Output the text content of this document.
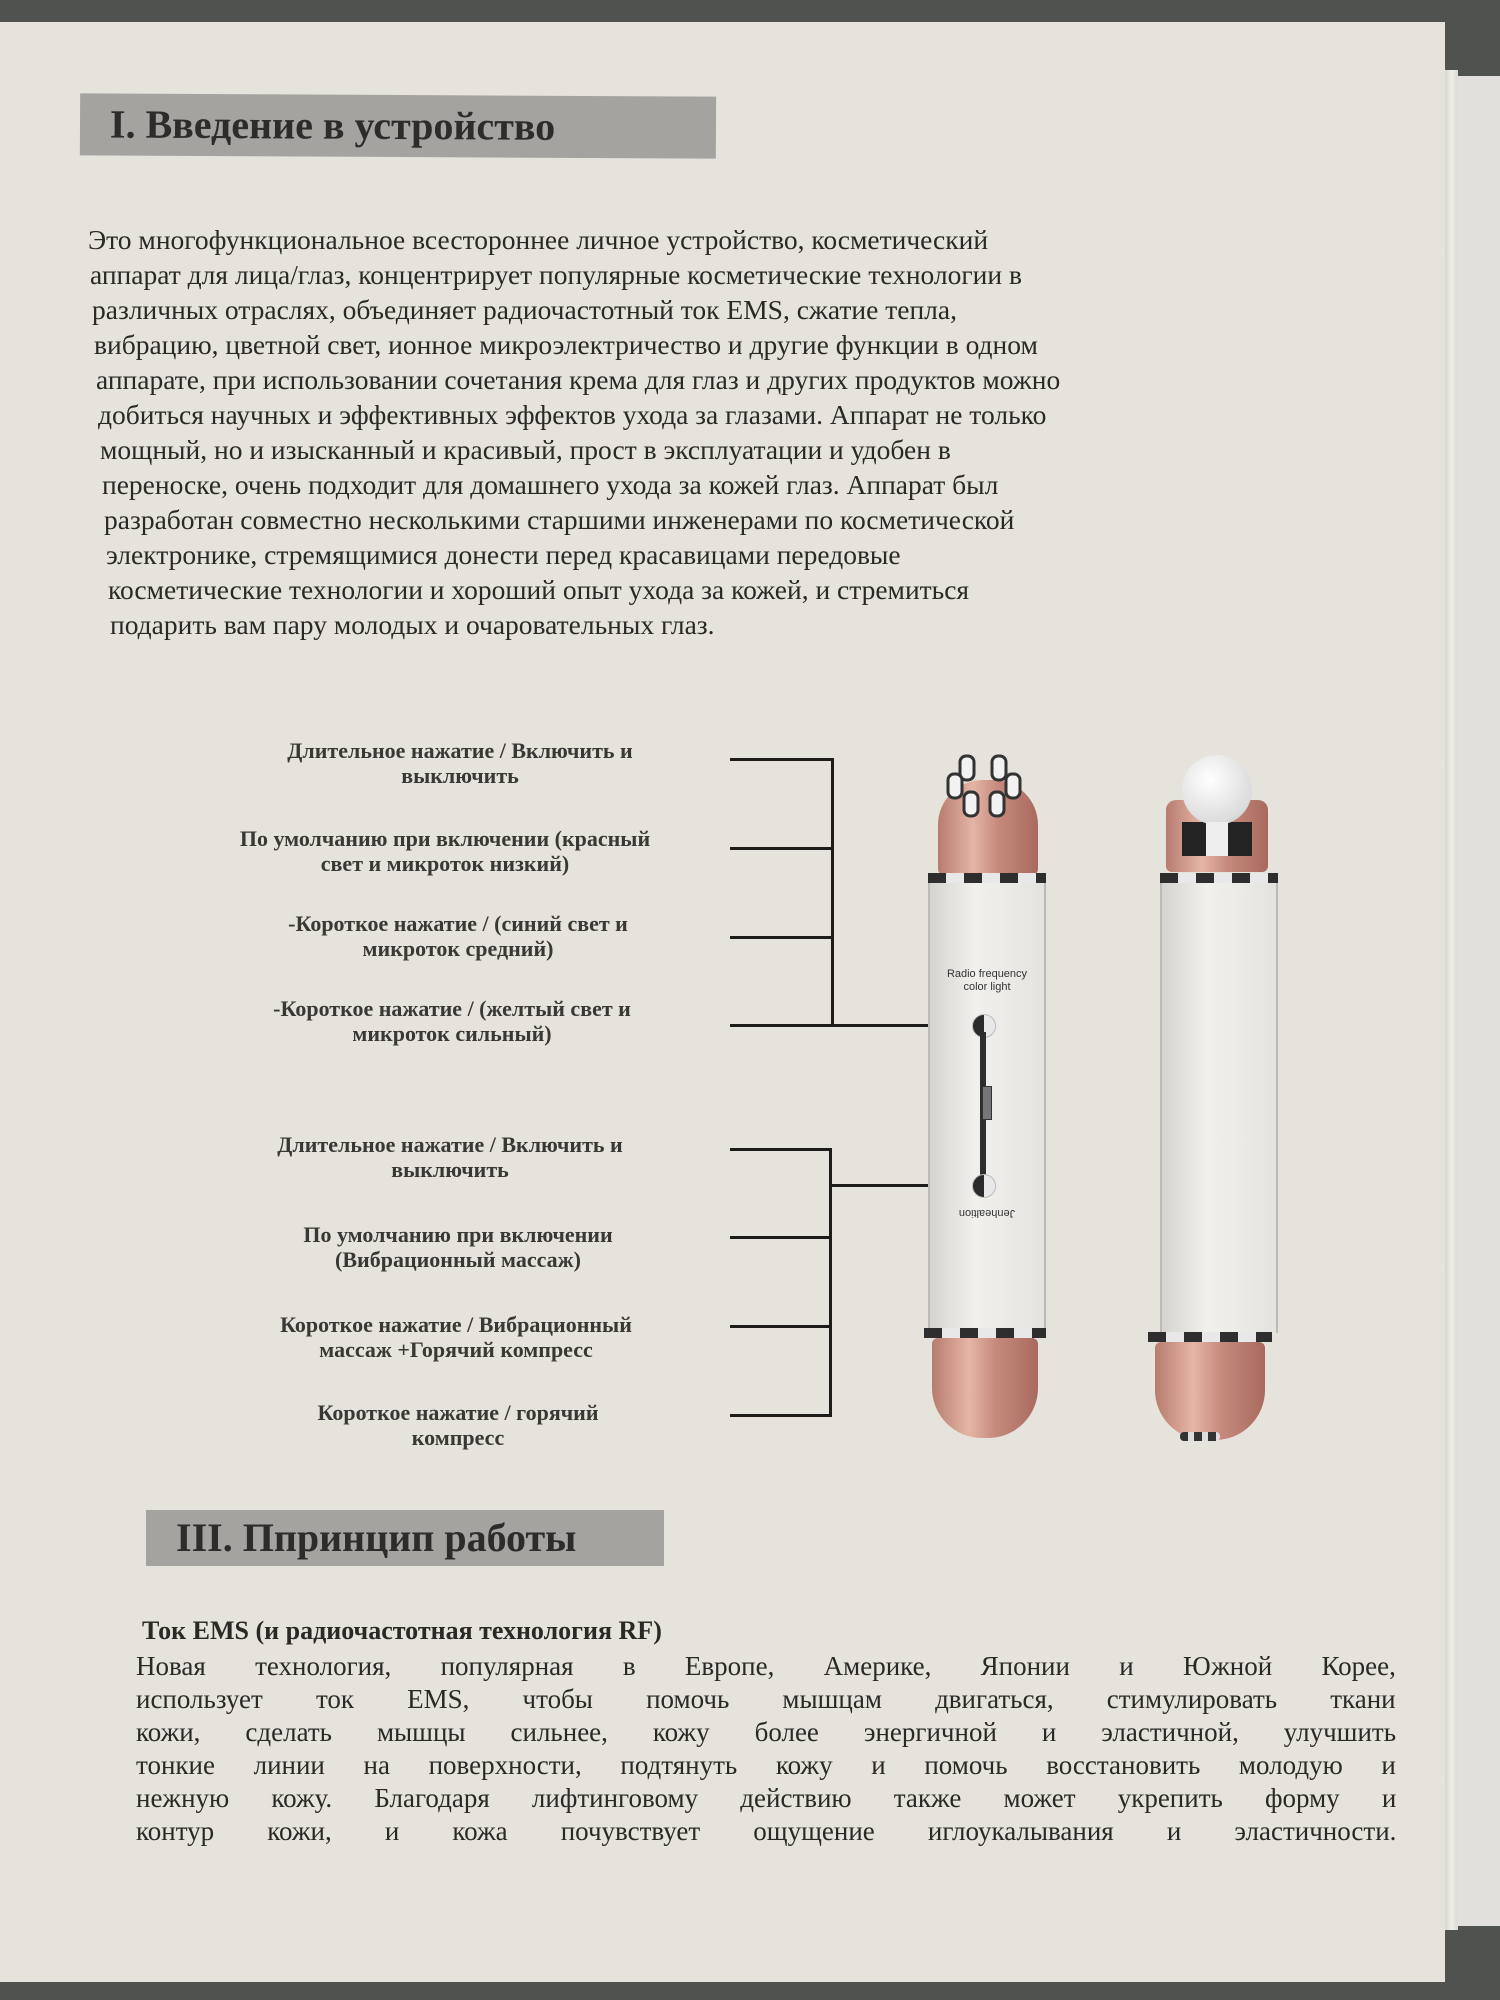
I. Введение в устройство
Это многофункциональное всестороннее личное устройство, косметический
аппарат для лица/глаз, концентрирует популярные косметические технологии в
различных отраслях, объединяет радиочастотный ток EMS, сжатие тепла,
вибрацию, цветной свет, ионное микроэлектричество и другие функции в одном
аппарате, при использовании сочетания крема для глаз и других продуктов можно
добиться научных и эффективных эффектов ухода за глазами. Аппарат не только
мощный, но и изысканный и красивый, прост в эксплуатации и удобен в
переноске, очень подходит для домашнего ухода за кожей глаз. Аппарат был
разработан совместно несколькими старшими инженерами по косметической
электронике, стремящимися донести перед красавицами передовые
косметические технологии и хороший опыт ухода за кожей, и стремиться
подарить вам пару молодых и очаровательных глаз.
Длительное нажатие / Включить и
выключить
По умолчанию при включении (красный
свет и микроток низкий)
-Короткое нажатие / (синий свет и
микроток средний)
-Короткое нажатие / (желтый свет и
микроток сильный)
Длительное нажатие / Включить и
выключить
По умолчанию при включении
(Вибрационный массаж)
Короткое нажатие / Вибрационный
массаж +Горячий компресс
Короткое нажатие / горячий
компресс
Radio frequency
color light
Jenhealtion
III. Ппринцип работы
Ток EMS (и радиочастотная технология RF)
Новая технология, популярная в Европе, Америке, Японии и Южной Корее,
использует ток EMS, чтобы помочь мышцам двигаться, стимулировать ткани
кожи, сделать мышцы сильнее, кожу более энергичной и эластичной, улучшить
тонкие линии на поверхности, подтянуть кожу и помочь восстановить молодую и
нежную кожу. Благодаря лифтинговому действию также может укрепить форму и
контур кожи, и кожа почувствует ощущение иглоукалывания и эластичности.
